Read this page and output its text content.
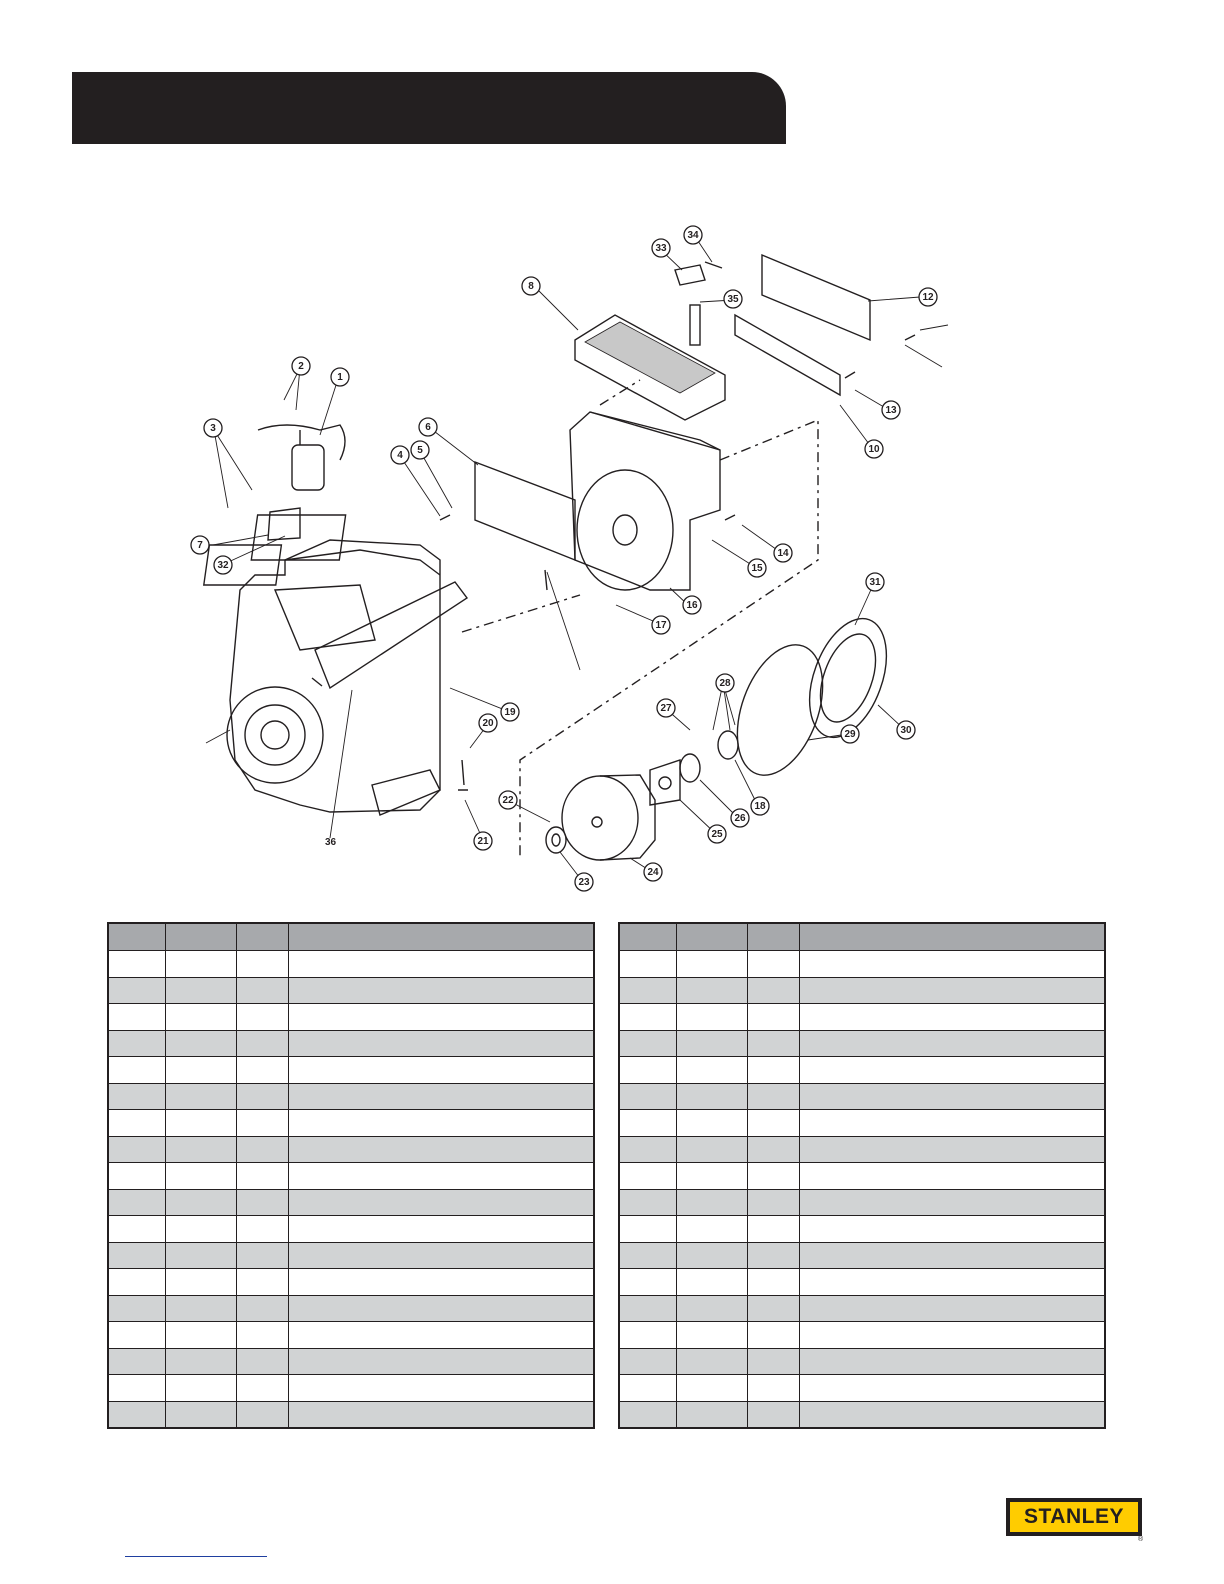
36
1
2
3
4 5
6
7
8
10
12
13
14
15
16
17
18
19
20
21
22
23
24
25
26
27
28
29	30
31
32
33
34
35

STANLEY
®
